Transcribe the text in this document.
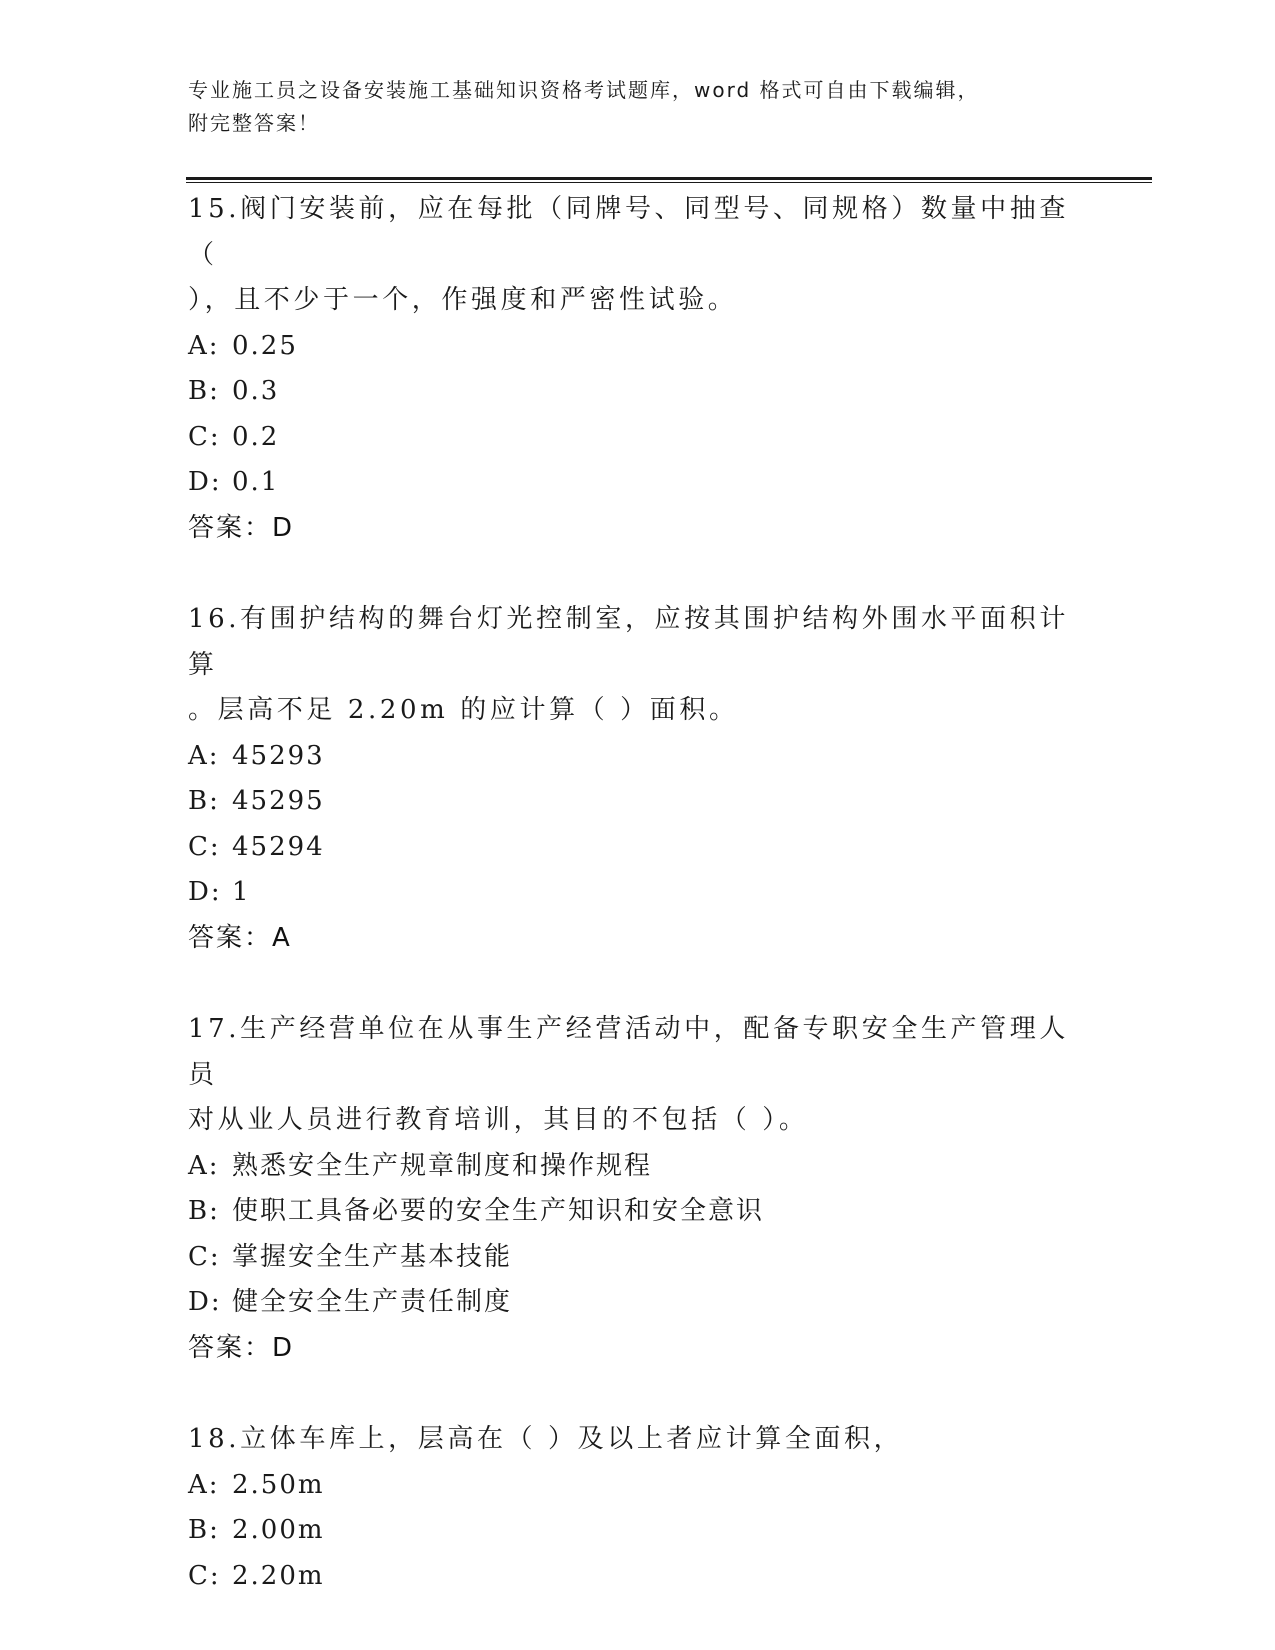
专业施工员之设备安装施工基础知识资格考试题库，word 格式可自由下载编辑，
附完整答案！
15.阀门安装前，应在每批（同牌号、同型号、同规格）数量中抽查（
），且不少于一个，作强度和严密性试验。
A: 0.25
B: 0.3
C: 0.2
D: 0.1
答案：D
16.有围护结构的舞台灯光控制室，应按其围护结构外围水平面积计算
。层高不足 2.20m 的应计算（ ）面积。
A: 45293
B: 45295
C: 45294
D: 1
答案：A
17.生产经营单位在从事生产经营活动中，配备专职安全生产管理人员
对从业人员进行教育培训，其目的不包括（ ）。
A: 熟悉安全生产规章制度和操作规程
B: 使职工具备必要的安全生产知识和安全意识
C: 掌握安全生产基本技能
D: 健全安全生产责任制度
答案：D
18.立体车库上，层高在（ ）及以上者应计算全面积，
A: 2.50m
B: 2.00m
C: 2.20m
